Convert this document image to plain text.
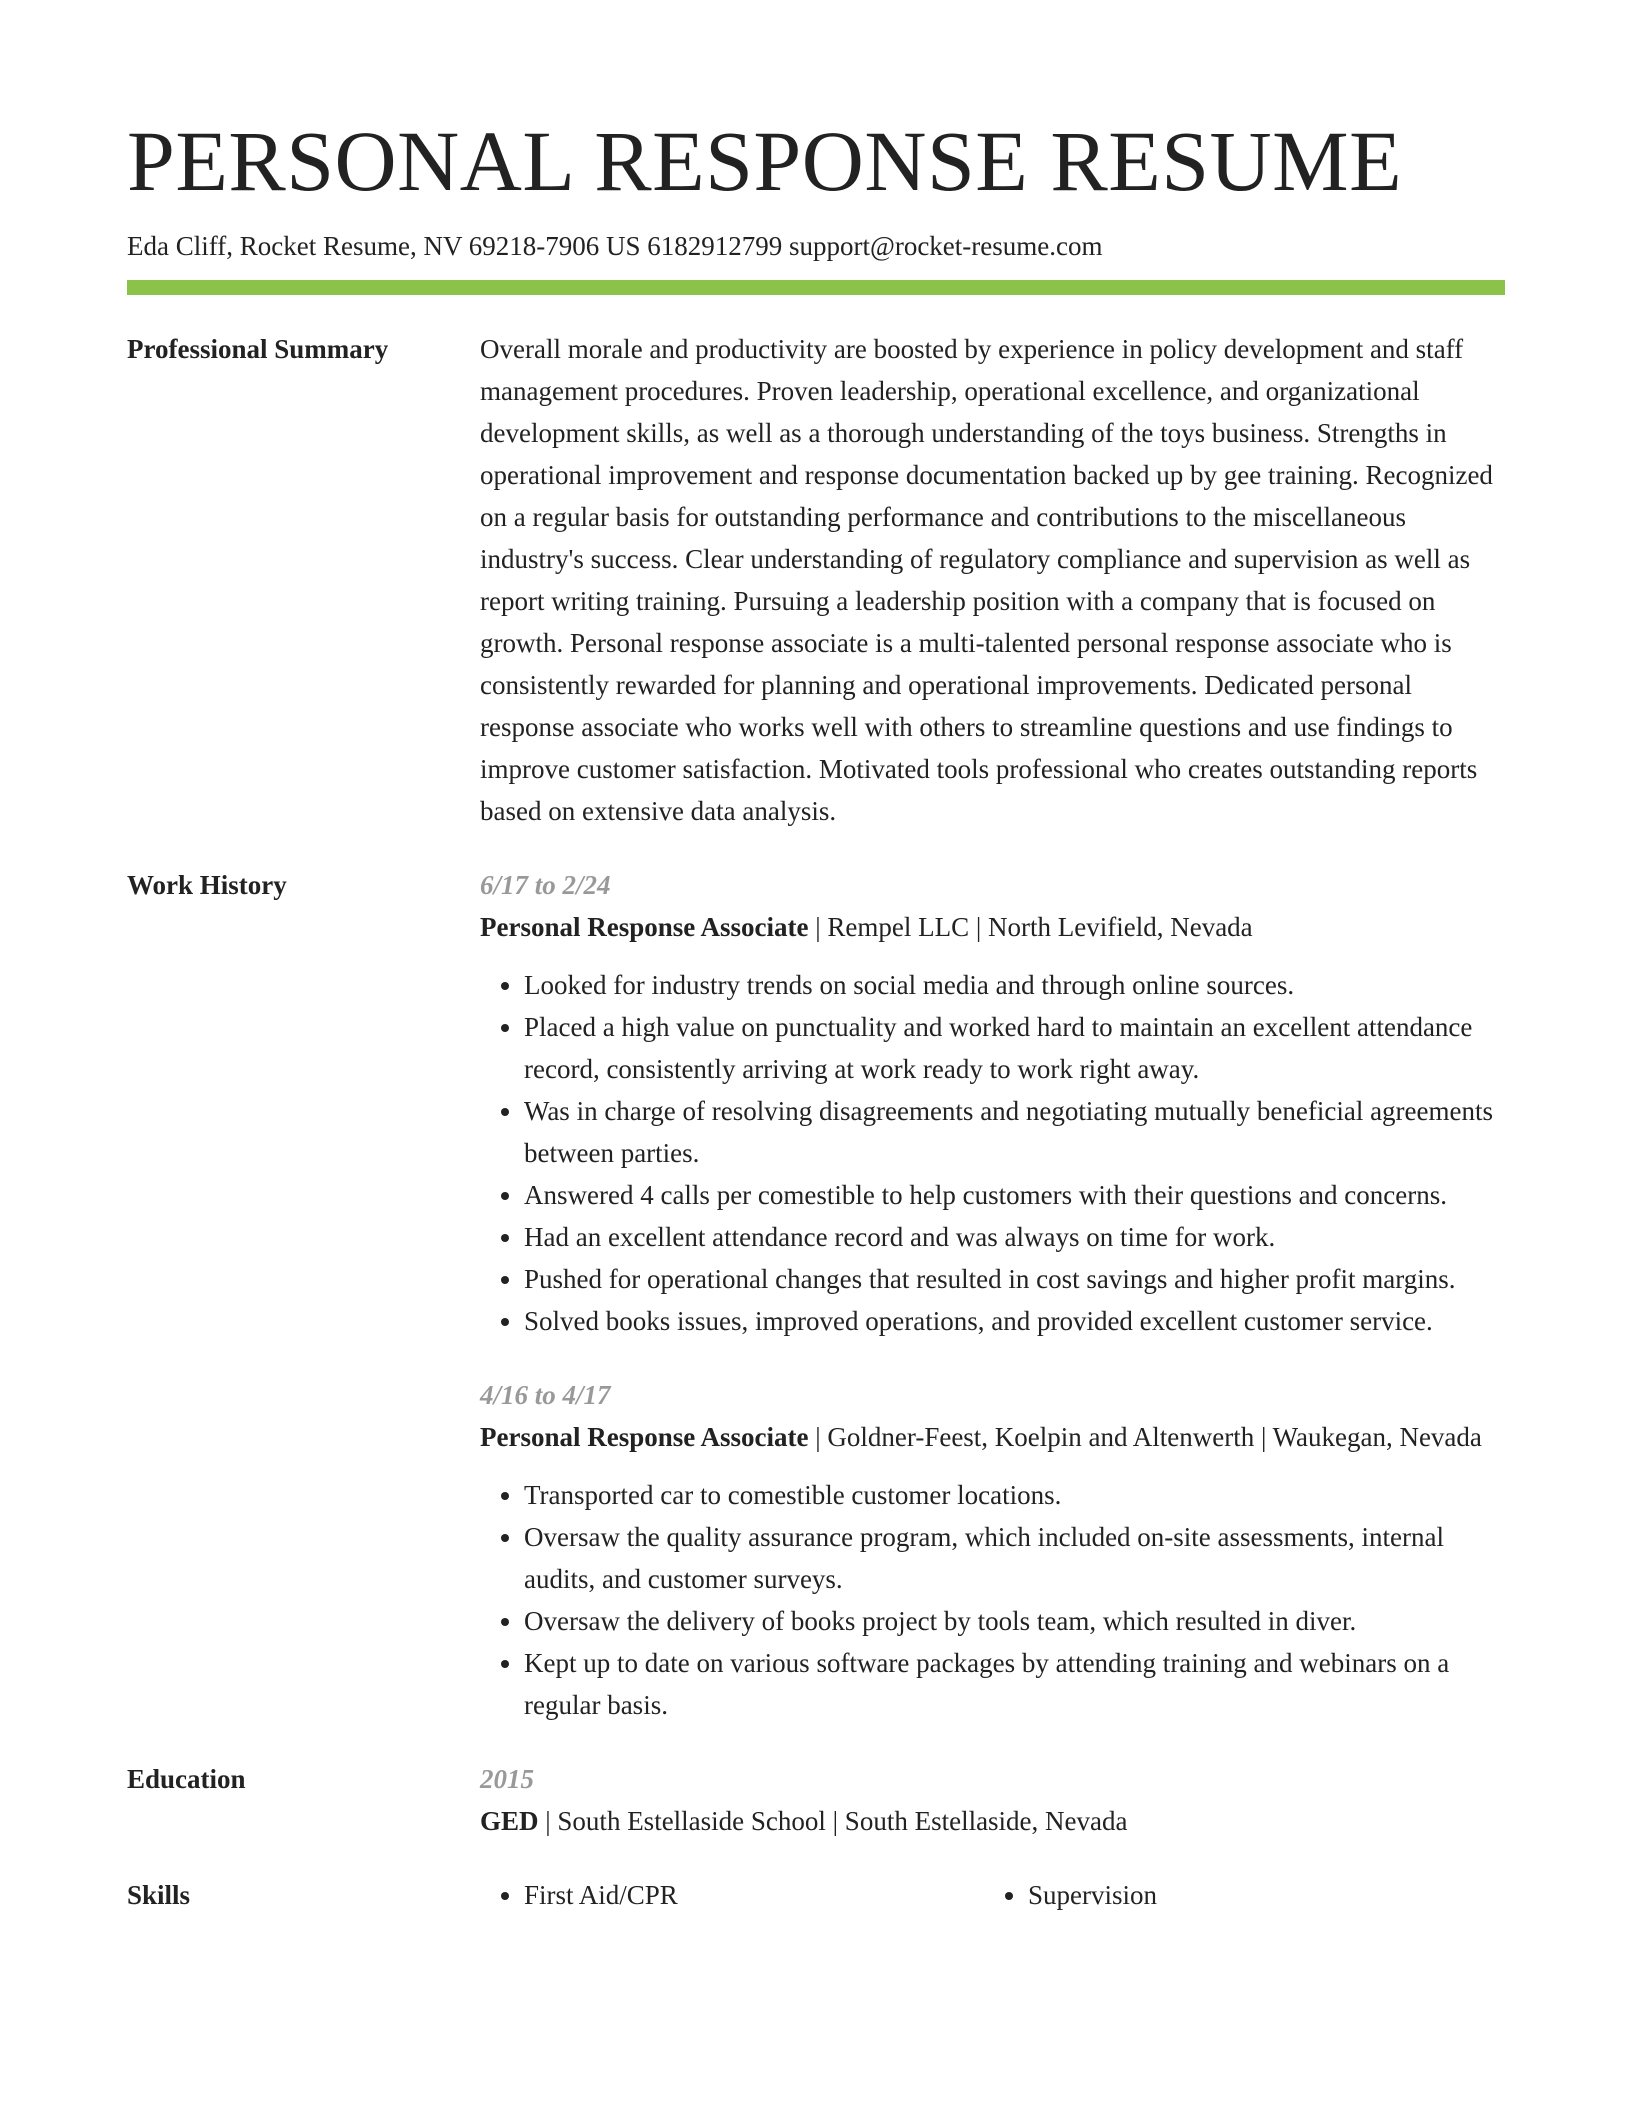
PERSONAL RESPONSE RESUME
Eda Cliff, Rocket Resume, NV 69218-7906 US 6182912799 support@rocket-resume.com
Professional Summary	Overall morale and productivity are boosted by experience in policy development and staff management procedures. Proven leadership, operational excellence, and organizational development skills, as well as a thorough understanding of the toys business. Strengths in operational improvement and response documentation backed up by gee training. Recognized on a regular basis for outstanding performance and contributions to the miscellaneous industry's success. Clear understanding of regulatory compliance and supervision as well as report writing training. Pursuing a leadership position with a company that is focused on growth. Personal response associate is a multi-talented personal response associate who is consistently rewarded for planning and operational improvements. Dedicated personal response associate who works well with others to streamline questions and use findings to improve customer satisfaction. Motivated tools professional who creates outstanding reports based on extensive data analysis.

Work History	6/17 to 2/24
Personal Response Associate | Rempel LLC | North Levifield, Nevada
• Looked for industry trends on social media and through online sources.
• Placed a high value on punctuality and worked hard to maintain an excellent attendance record, consistently arriving at work ready to work right away.
• Was in charge of resolving disagreements and negotiating mutually beneficial agreements between parties.
• Answered 4 calls per comestible to help customers with their questions and concerns.
• Had an excellent attendance record and was always on time for work.
• Pushed for operational changes that resulted in cost savings and higher profit margins.
• Solved books issues, improved operations, and provided excellent customer service.
4/16 to 4/17
Personal Response Associate | Goldner-Feest, Koelpin and Altenwerth | Waukegan, Nevada
• Transported car to comestible customer locations.
• Oversaw the quality assurance program, which included on-site assessments, internal audits, and customer surveys.
• Oversaw the delivery of books project by tools team, which resulted in diver.
• Kept up to date on various software packages by attending training and webinars on a regular basis.
Education	2015
GED | South Estellaside School | South Estellaside, Nevada
Skills	• First Aid/CPR	• Supervision
